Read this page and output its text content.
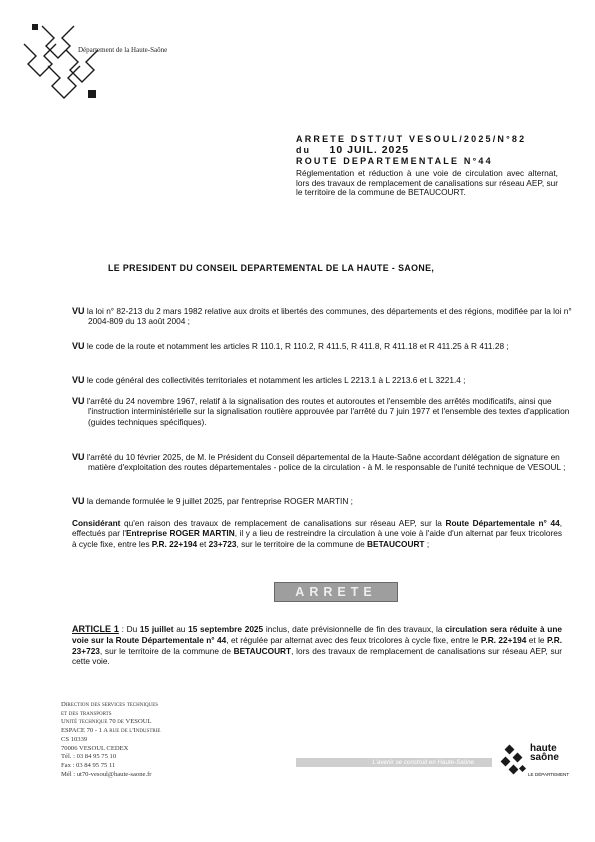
Département de la Haute-Saône
ARRETE DSTT/UT VESOUL/2025/N°82
du 10 JUIL. 2025
ROUTE DEPARTEMENTALE N°44
Réglementation et réduction à une voie de circulation avec alternat, lors des travaux de remplacement de canalisations sur réseau AEP, sur le territoire de la commune de BETAUCOURT.
LE PRESIDENT DU CONSEIL DEPARTEMENTAL DE LA HAUTE - SAONE,
VU la loi n° 82-213 du 2 mars 1982 relative aux droits et libertés des communes, des départements et des régions, modifiée par la loi n° 2004-809 du 13 août 2004 ;
VU le code de la route et notamment les articles R 110.1, R 110.2, R 411.5, R 411.8, R 411.18 et R 411.25 à R 411.28 ;
VU le code général des collectivités territoriales et notamment les articles L 2213.1 à L 2213.6 et L 3221.4 ;
VU l'arrêté du 24 novembre 1967, relatif à la signalisation des routes et autoroutes et l'ensemble des arrêtés modificatifs, ainsi que l'instruction interministérielle sur la signalisation routière approuvée par l'arrêté du 7 juin 1977 et l'ensemble des textes d'application (guides techniques spécifiques).
VU l'arrêté du 10 février 2025, de M. le Président du Conseil départemental de la Haute-Saône accordant délégation de signature en matière d'exploitation des routes départementales - police de la circulation - à M. le responsable de l'unité technique de VESOUL ;
VU la demande formulée le 9 juillet 2025, par l'entreprise ROGER MARTIN ;
Considérant qu'en raison des travaux de remplacement de canalisations sur réseau AEP, sur la Route Départementale n° 44, effectués par l'Entreprise ROGER MARTIN, il y a lieu de restreindre la circulation à une voie à l'aide d'un alternat par feux tricolores à cycle fixe, entre les P.R. 22+194 et 23+723, sur le territoire de la commune de BETAUCOURT ;
ARRETE
ARTICLE 1 : Du 15 juillet au 15 septembre 2025 inclus, date prévisionnelle de fin des travaux, la circulation sera réduite à une voie sur la Route Départementale n° 44, et régulée par alternat avec des feux tricolores à cycle fixe, entre le P.R. 22+194 et le P.R. 23+723, sur le territoire de la commune de BETAUCOURT, lors des travaux de remplacement de canalisations sur réseau AEP, sur cette voie.
Direction des services techniques
et des transports
Unité technique 70 de VESOUL
ESPACE 70 - 1 A rue de l'Industrie
CS 10339
70006 VESOUL CEDEX
Tél. : 03 84 95 75 10
Fax : 03 84 95 75 11
Mél : ut70-vesoul@haute-saone.fr
L'avenir se construit en Haute-Saône
haute
saône
LE DÉPARTEMENT
